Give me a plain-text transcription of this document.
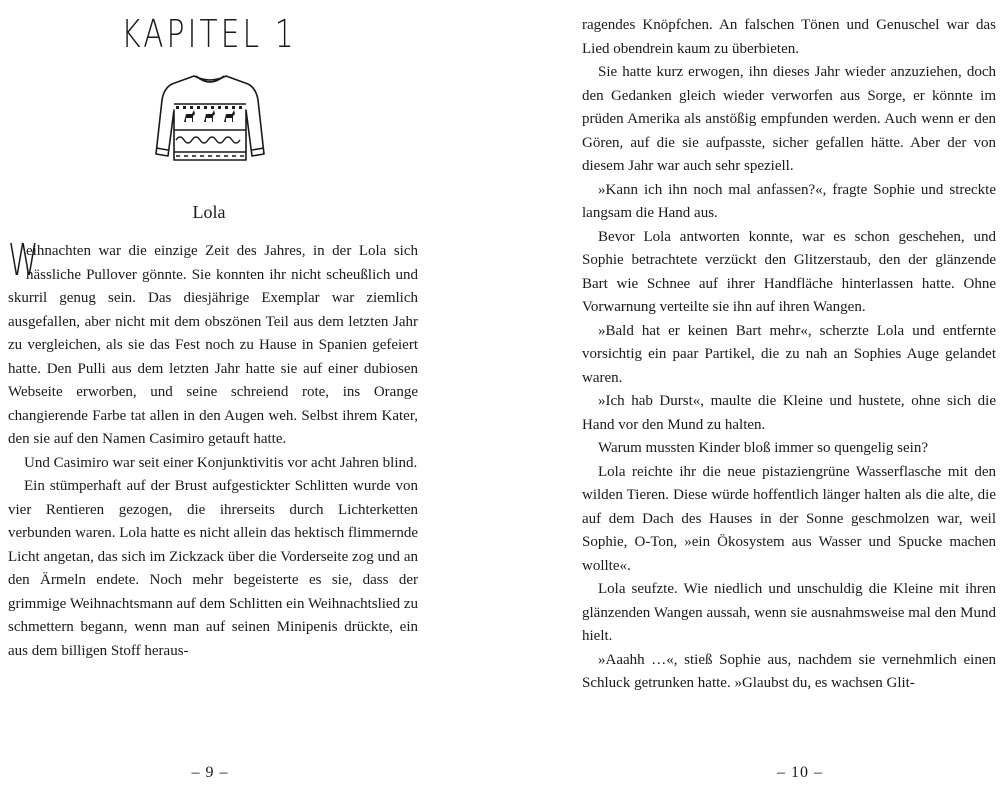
KAPITEL 1
Lola

W
eihnachten war die einzige Zeit des Jahres, in der Lola sich hässliche Pullover gönnte. Sie konnten ihr nicht scheußlich und skurril genug sein. Das diesjährige Exemplar war ziemlich ausgefallen, aber nicht mit dem obszönen Teil aus dem letzten Jahr zu vergleichen, als sie das Fest noch zu Hause in Spanien gefeiert hatte. Den Pulli aus dem letzten Jahr hatte sie auf einer dubiosen Webseite erworben, und seine schreiend rote, ins Orange changierende Farbe tat allen in den Augen weh. Selbst ihrem Kater, den sie auf den Namen Casimiro getauft hatte.

Und Casimiro war seit einer Konjunktivitis vor acht Jahren blind.

Ein stümperhaft auf der Brust aufgestickter Schlitten wurde von vier Rentieren gezogen, die ihrerseits durch Lichterketten verbunden waren. Lola hatte es nicht allein das hektisch flimmernde Licht angetan, das sich im Zickzack über die Vorderseite zog und an den Ärmeln endete. Noch mehr begeisterte es sie, dass der grimmige Weihnachtsmann auf dem Schlitten ein Weihnachtslied zu schmettern begann, wenn man auf seinen Minipenis drückte, ein aus dem billigen Stoff heraus-

– 9 –

ragendes Knöpfchen. An falschen Tönen und Genuschel war das Lied obendrein kaum zu überbieten.

Sie hatte kurz erwogen, ihn dieses Jahr wieder anzuziehen, doch den Gedanken gleich wieder verworfen aus Sorge, er könnte im prüden Amerika als anstößig empfunden werden. Auch wenn er den Gören, auf die sie aufpasste, sicher gefallen hätte. Aber der von diesem Jahr war auch sehr speziell.

»Kann ich ihn noch mal anfassen?«, fragte Sophie und streckte langsam die Hand aus.

Bevor Lola antworten konnte, war es schon geschehen, und Sophie betrachtete verzückt den Glitzerstaub, den der glänzende Bart wie Schnee auf ihrer Handfläche hinterlassen hatte. Ohne Vorwarnung verteilte sie ihn auf ihren Wangen.

»Bald hat er keinen Bart mehr«, scherzte Lola und entfernte vorsichtig ein paar Partikel, die zu nah an Sophies Auge gelandet waren.

»Ich hab Durst«, maulte die Kleine und hustete, ohne sich die Hand vor den Mund zu halten.

Warum mussten Kinder bloß immer so quengelig sein?

Lola reichte ihr die neue pistaziengrüne Wasserflasche mit den wilden Tieren. Diese würde hoffentlich länger halten als die alte, die auf dem Dach des Hauses in der Sonne geschmolzen war, weil Sophie, O-Ton, »ein Ökosystem aus Wasser und Spucke machen wollte«.

Lola seufzte. Wie niedlich und unschuldig die Kleine mit ihren glänzenden Wangen aussah, wenn sie ausnahmsweise mal den Mund hielt.

»Aaahh …«, stieß Sophie aus, nachdem sie vernehmlich einen Schluck getrunken hatte. »Glaubst du, es wachsen Glit-

– 10 –
